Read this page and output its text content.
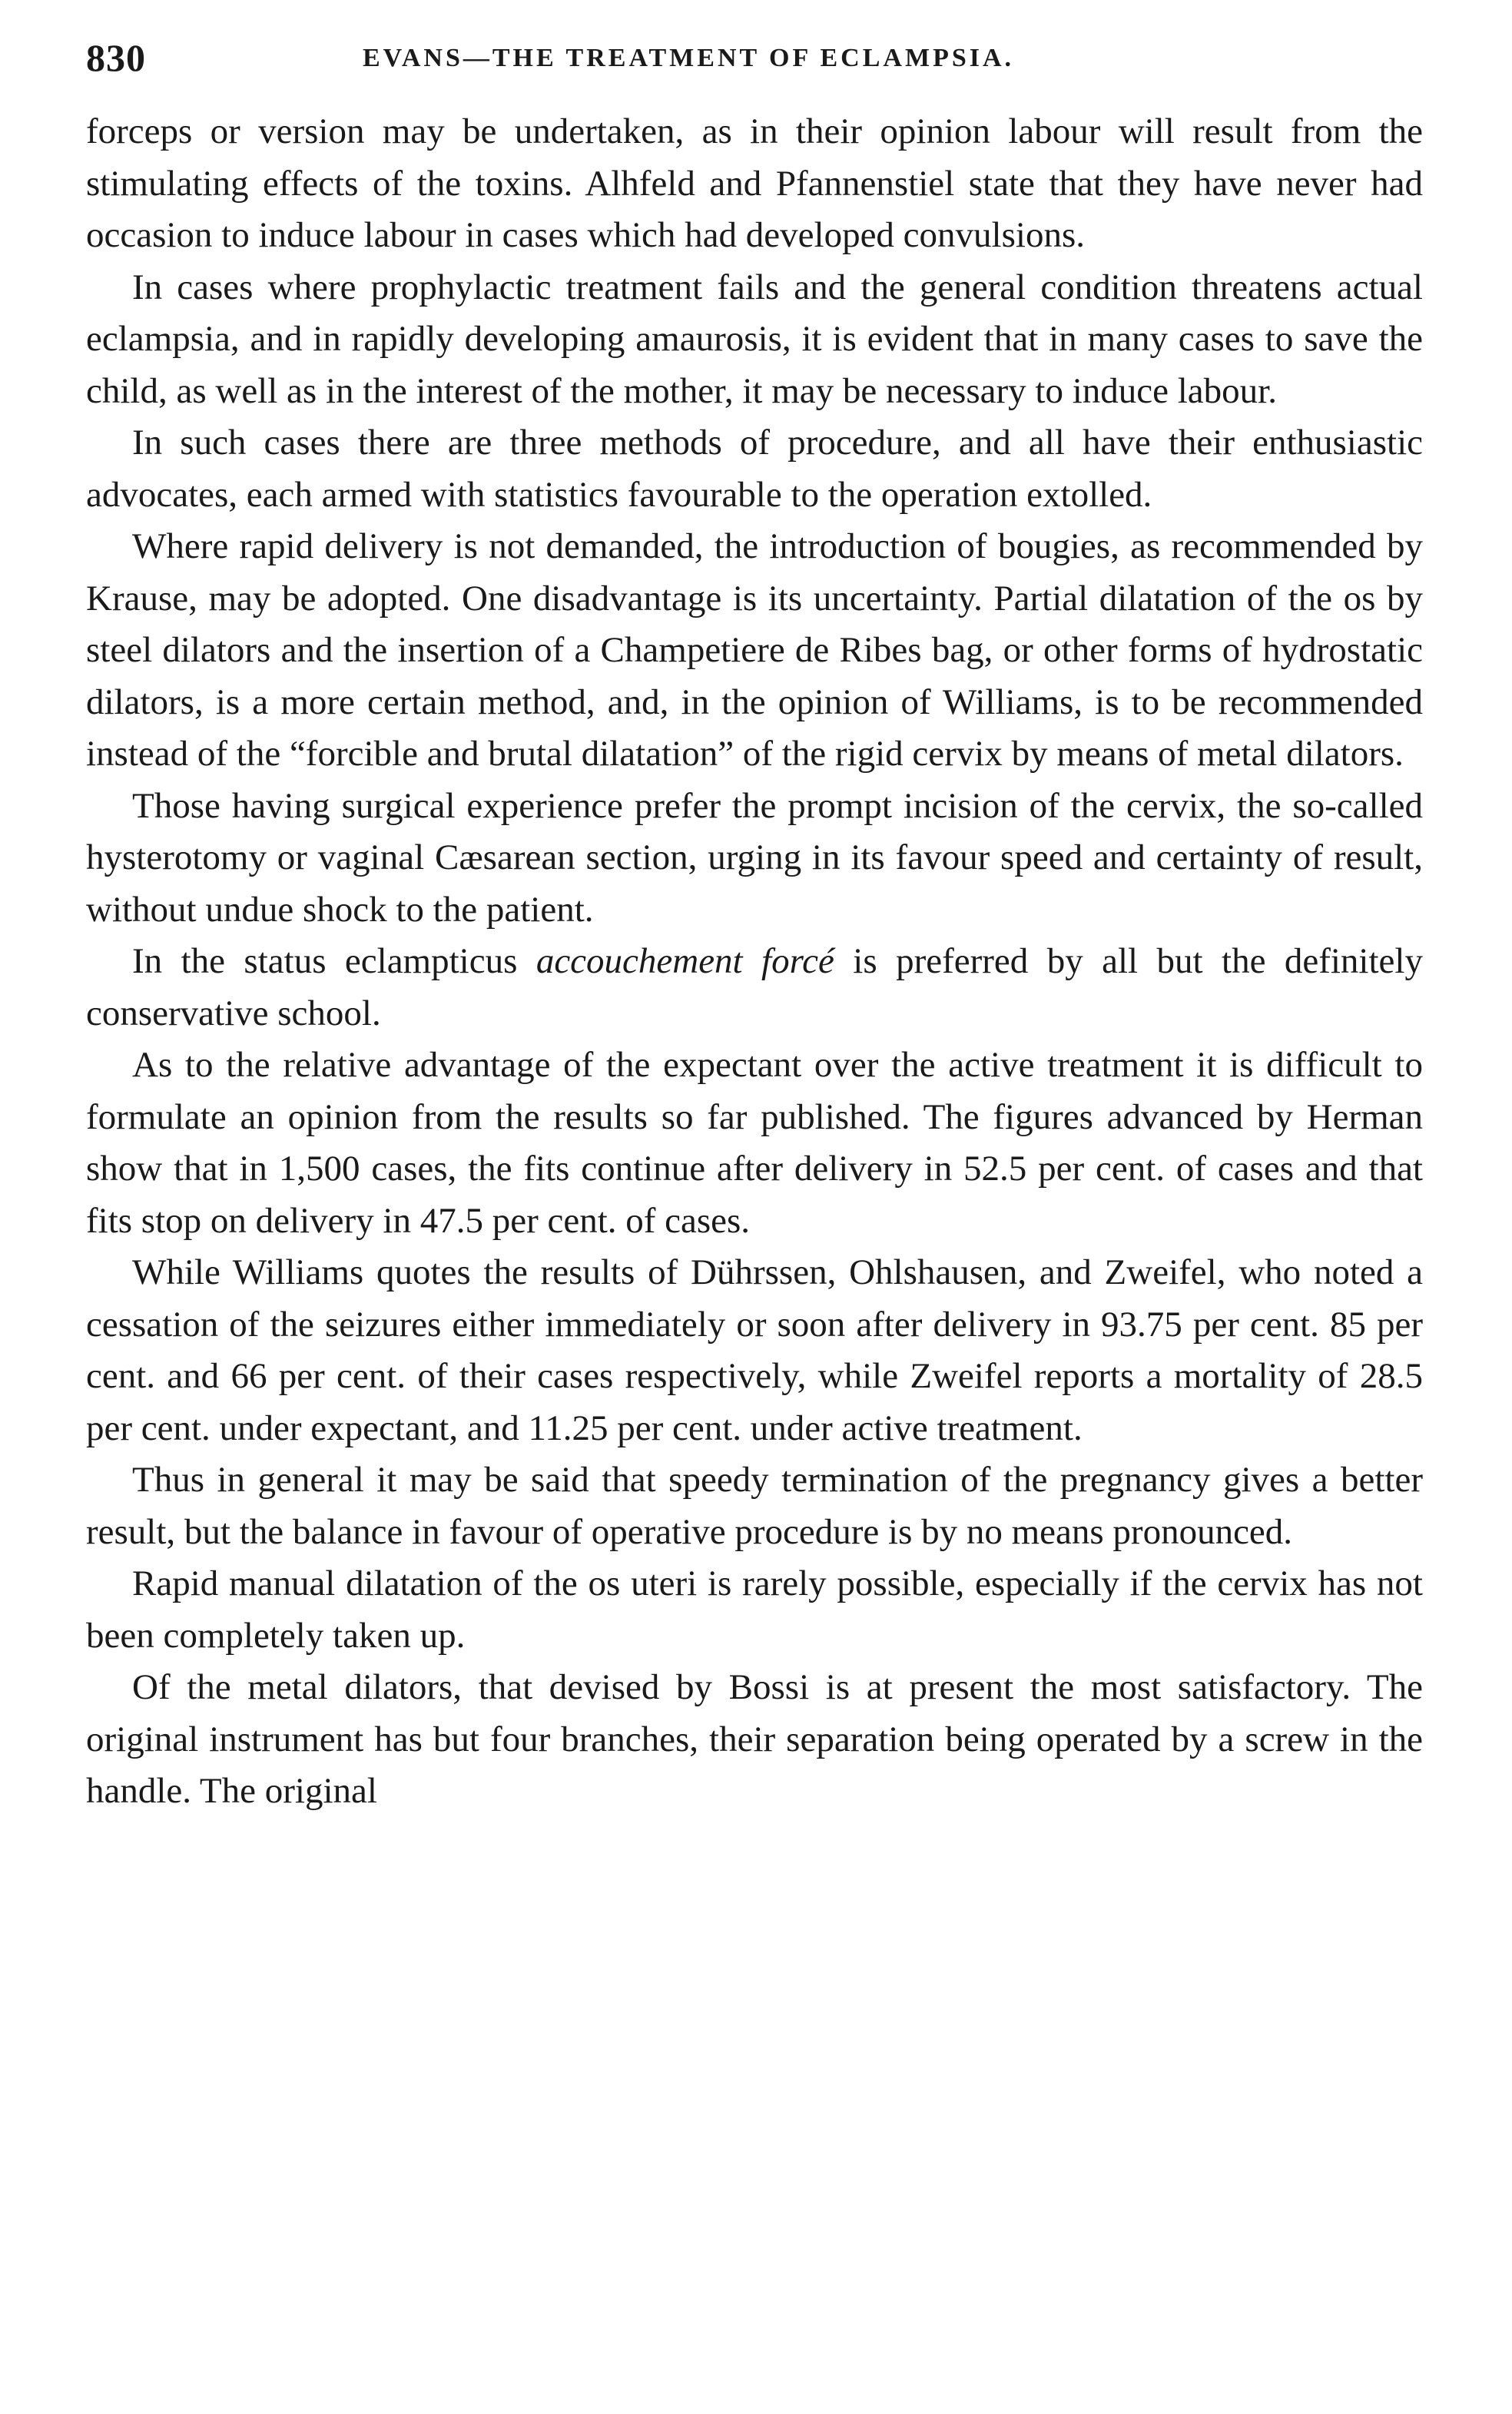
830	EVANS—THE TREATMENT OF ECLAMPSIA.

forceps or version may be undertaken, as in their opinion labour will result from the stimulating effects of the toxins. Alhfeld and Pfannenstiel state that they have never had occasion to induce labour in cases which had developed convulsions.

In cases where prophylactic treatment fails and the general condition threatens actual eclampsia, and in rapidly developing amaurosis, it is evident that in many cases to save the child, as well as in the interest of the mother, it may be necessary to induce labour.

In such cases there are three methods of procedure, and all have their enthusiastic advocates, each armed with statistics favourable to the operation extolled.

Where rapid delivery is not demanded, the introduction of bougies, as recommended by Krause, may be adopted. One disadvantage is its uncertainty. Partial dilatation of the os by steel dilators and the insertion of a Champetiere de Ribes bag, or other forms of hydrostatic dilators, is a more certain method, and, in the opinion of Williams, is to be recommended instead of the “forcible and brutal dilatation” of the rigid cervix by means of metal dilators.

Those having surgical experience prefer the prompt incision of the cervix, the so-called hysterotomy or vaginal Cæsarean section, urging in its favour speed and certainty of result, without undue shock to the patient.

In the status eclampticus accouchement forcé is preferred by all but the definitely conservative school.

As to the relative advantage of the expectant over the active treatment it is difficult to formulate an opinion from the results so far published. The figures advanced by Herman show that in 1,500 cases, the fits continue after delivery in 52.5 per cent. of cases and that fits stop on delivery in 47.5 per cent. of cases.

While Williams quotes the results of Dührssen, Ohlshausen, and Zweifel, who noted a cessation of the seizures either immediately or soon after delivery in 93.75 per cent. 85 per cent. and 66 per cent. of their cases respectively, while Zweifel reports a mortality of 28.5 per cent. under expectant, and 11.25 per cent. under active treatment.

Thus in general it may be said that speedy termination of the pregnancy gives a better result, but the balance in favour of operative procedure is by no means pronounced.

Rapid manual dilatation of the os uteri is rarely possible, especially if the cervix has not been completely taken up.

Of the metal dilators, that devised by Bossi is at present the most satisfactory. The original instrument has but four branches, their separation being operated by a screw in the handle. The original
